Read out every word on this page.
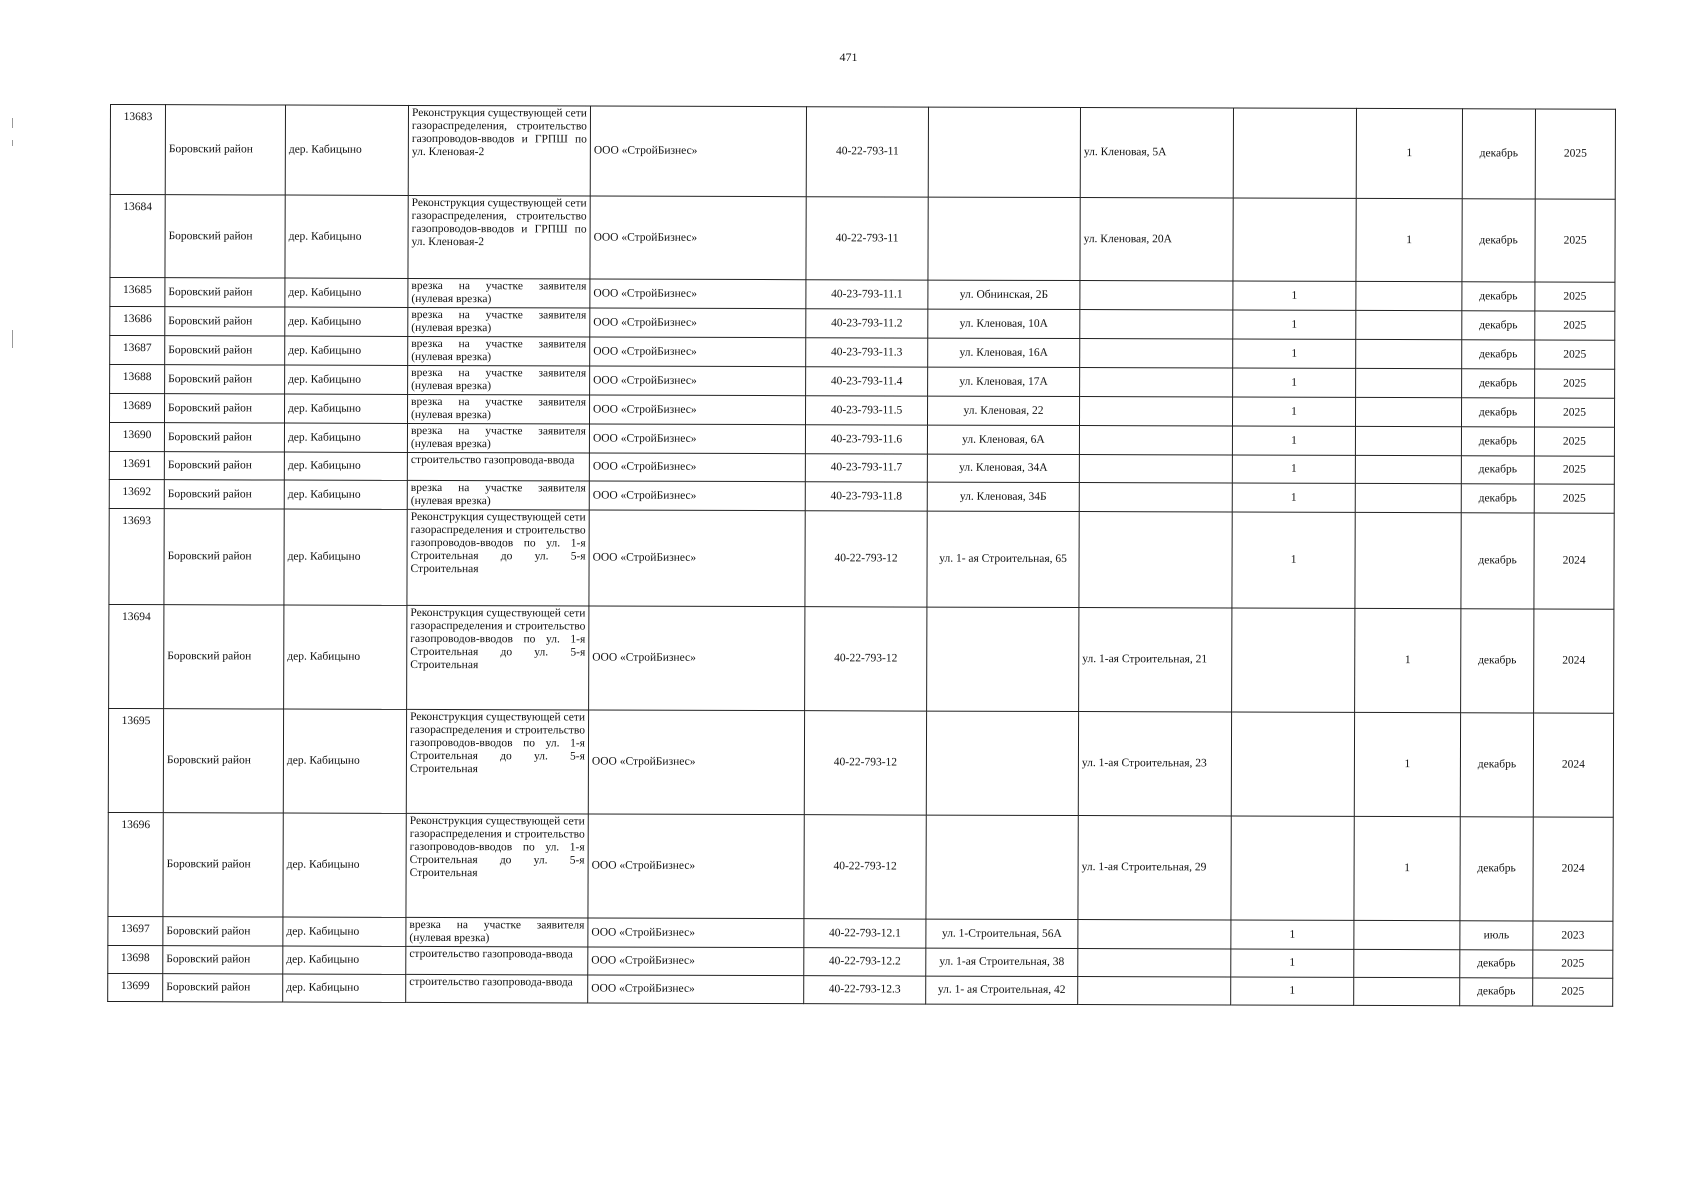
471
13683	Боровский район	дер. Кабицыно	Реконструкция существующей сети газораспределения, строительство газопроводов-вводов и ГРПШ по ул. Кленовая-2	ООО «СтройБизнес»	40-22-793-11		ул. Кленовая, 5А		1	декабрь	2025
13684	Боровский район	дер. Кабицыно	Реконструкция существующей сети газораспределения, строительство газопроводов-вводов и ГРПШ по ул. Кленовая-2	ООО «СтройБизнес»	40-22-793-11		ул. Кленовая, 20А		1	декабрь	2025
13685	Боровский район	дер. Кабицыно	врезка на участке заявителя (нулевая врезка)	ООО «СтройБизнес»	40-23-793-11.1	ул. Обнинская, 2Б		1		декабрь	2025
13686	Боровский район	дер. Кабицыно	врезка на участке заявителя (нулевая врезка)	ООО «СтройБизнес»	40-23-793-11.2	ул. Кленовая, 10А		1		декабрь	2025
13687	Боровский район	дер. Кабицыно	врезка на участке заявителя (нулевая врезка)	ООО «СтройБизнес»	40-23-793-11.3	ул. Кленовая, 16А		1		декабрь	2025
13688	Боровский район	дер. Кабицыно	врезка на участке заявителя (нулевая врезка)	ООО «СтройБизнес»	40-23-793-11.4	ул. Кленовая, 17А		1		декабрь	2025
13689	Боровский район	дер. Кабицыно	врезка на участке заявителя (нулевая врезка)	ООО «СтройБизнес»	40-23-793-11.5	ул. Кленовая, 22		1		декабрь	2025
13690	Боровский район	дер. Кабицыно	врезка на участке заявителя (нулевая врезка)	ООО «СтройБизнес»	40-23-793-11.6	ул. Кленовая, 6А		1		декабрь	2025
13691	Боровский район	дер. Кабицыно	строительство газопровода-ввода	ООО «СтройБизнес»	40-23-793-11.7	ул. Кленовая, 34А		1		декабрь	2025
13692	Боровский район	дер. Кабицыно	врезка на участке заявителя (нулевая врезка)	ООО «СтройБизнес»	40-23-793-11.8	ул. Кленовая, 34Б		1		декабрь	2025
13693	Боровский район	дер. Кабицыно	Реконструкция существующей сети газораспределения и строительство газопроводов-вводов по ул. 1-я Строительная до ул. 5-я Строительная	ООО «СтройБизнес»	40-22-793-12	ул. 1- ая Строительная, 65		1		декабрь	2024
13694	Боровский район	дер. Кабицыно	Реконструкция существующей сети газораспределения и строительство газопроводов-вводов по ул. 1-я Строительная до ул. 5-я Строительная	ООО «СтройБизнес»	40-22-793-12		ул. 1-ая Строительная, 21		1	декабрь	2024
13695	Боровский район	дер. Кабицыно	Реконструкция существующей сети газораспределения и строительство газопроводов-вводов по ул. 1-я Строительная до ул. 5-я Строительная	ООО «СтройБизнес»	40-22-793-12		ул. 1-ая Строительная, 23		1	декабрь	2024
13696	Боровский район	дер. Кабицыно	Реконструкция существующей сети газораспределения и строительство газопроводов-вводов по ул. 1-я Строительная до ул. 5-я Строительная	ООО «СтройБизнес»	40-22-793-12		ул. 1-ая Строительная, 29		1	декабрь	2024
13697	Боровский район	дер. Кабицыно	врезка на участке заявителя (нулевая врезка)	ООО «СтройБизнес»	40-22-793-12.1	ул. 1-Строительная, 56А		1		июль	2023
13698	Боровский район	дер. Кабицыно	строительство газопровода-ввода	ООО «СтройБизнес»	40-22-793-12.2	ул. 1-ая Строительная, 38		1		декабрь	2025
13699	Боровский район	дер. Кабицыно	строительство газопровода-ввода	ООО «СтройБизнес»	40-22-793-12.3	ул. 1- ая Строительная, 42		1		декабрь	2025
